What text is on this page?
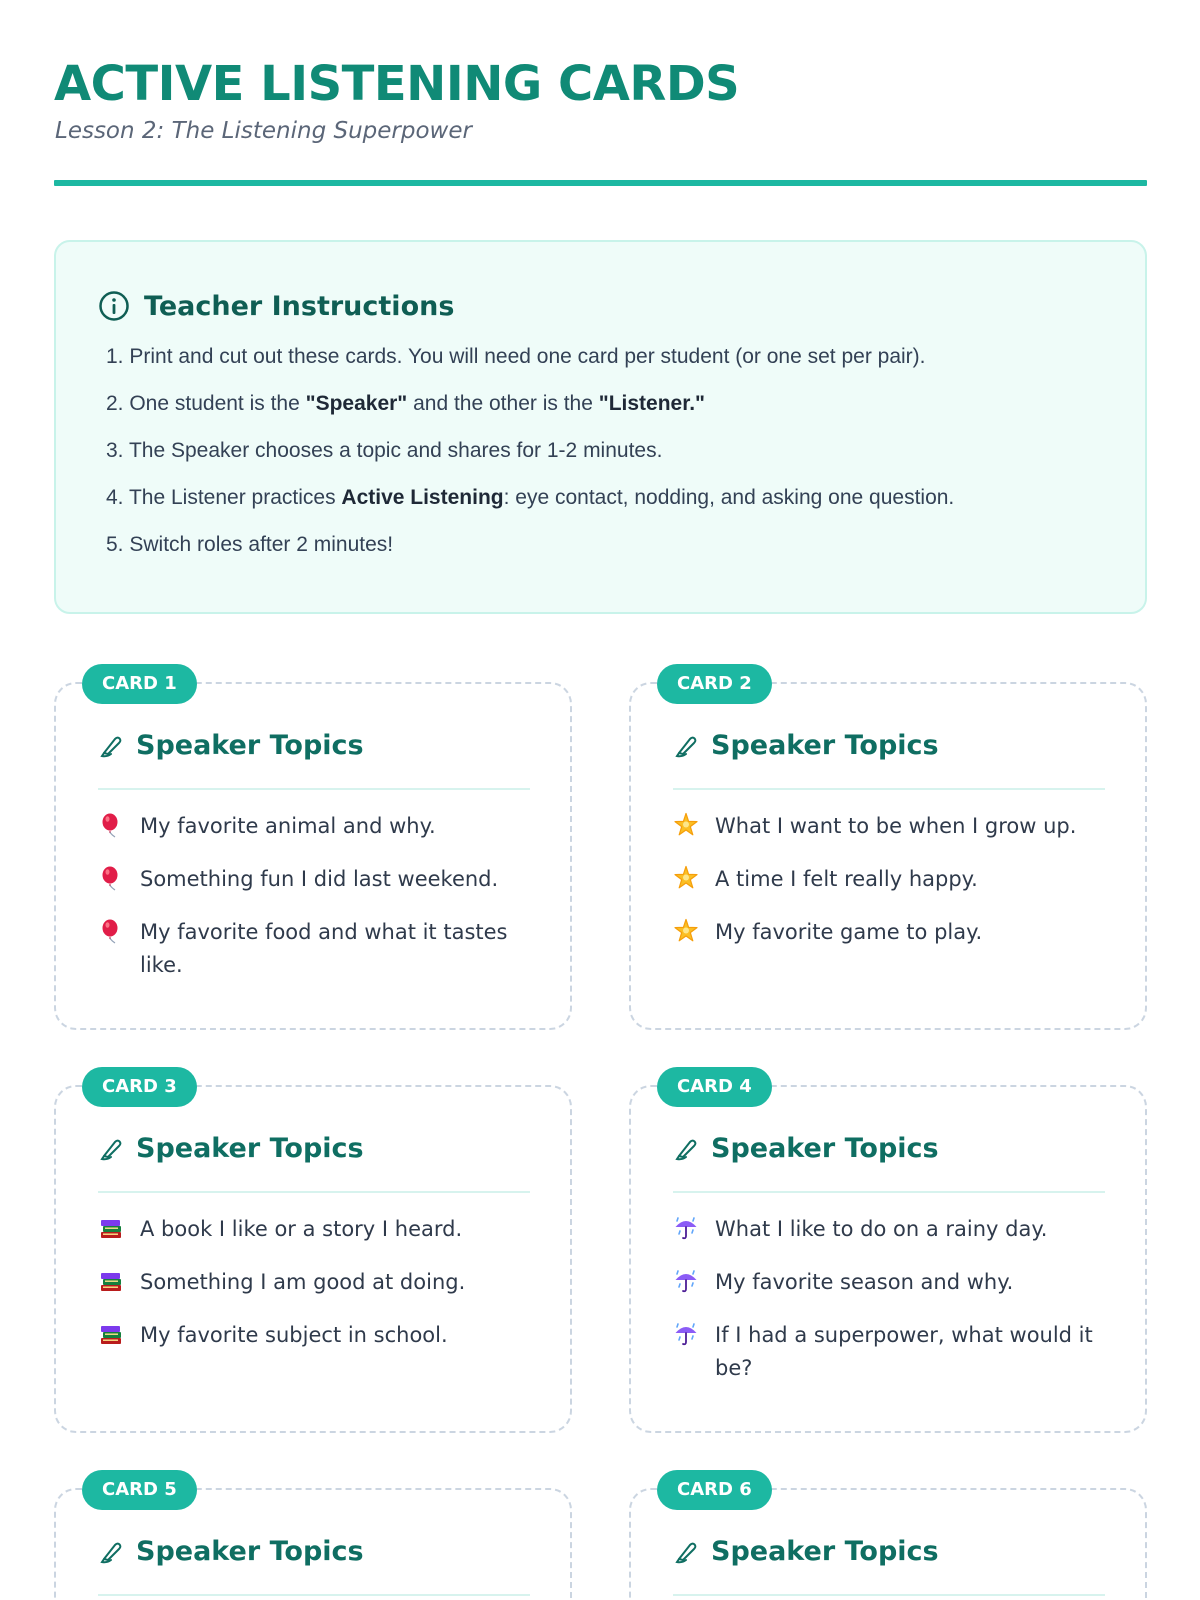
ACTIVE LISTENING CARDS
Lesson 2: The Listening Superpower
Teacher Instructions
1. Print and cut out these cards. You will need one card per student (or one set per pair).
2. One student is the "Speaker" and the other is the "Listener."
3. The Speaker chooses a topic and shares for 1-2 minutes.
4. The Listener practices Active Listening: eye contact, nodding, and asking one question.
5. Switch roles after 2 minutes!
CARD 1
Speaker Topics
My favorite animal and why.
Something fun I did last weekend.
My favorite food and what it tastes like.
CARD 2
Speaker Topics
What I want to be when I grow up.
A time I felt really happy.
My favorite game to play.
CARD 3
Speaker Topics
A book I like or a story I heard.
Something I am good at doing.
My favorite subject in school.
CARD 4
Speaker Topics
What I like to do on a rainy day.
My favorite season and why.
If I had a superpower, what would it be?
CARD 5
Speaker Topics
CARD 6
Speaker Topics
